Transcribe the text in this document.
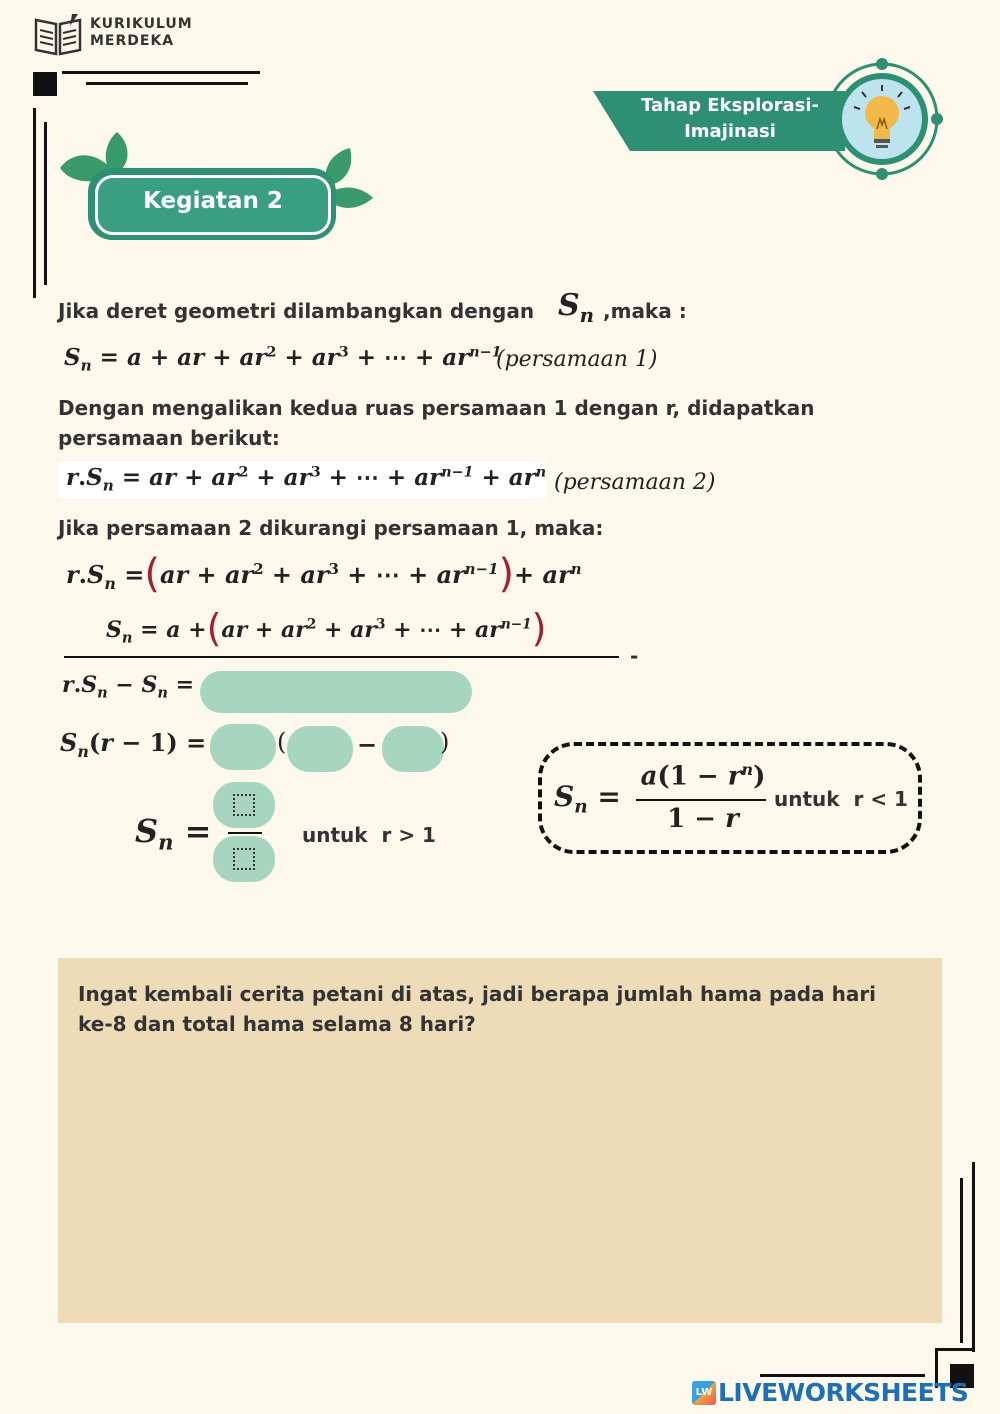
KURIKULUM
MERDEKA
Tahap Eksplorasi-
Imajinasi
Kegiatan 2
Jika deret geometri dilambangkan dengan $S_n$ ,maka :
$S_n = a$ + ar + $ar^2 + ar^3$ + ⋯ + $ar^{n-1}$
(persamaan 1)
Dengan mengalikan kedua ruas persamaan 1 dengan r, didapatkan persamaan berikut:
$r.S_n$ = ar + $ar^2 + ar^3$ + ⋯ + $ar^{n-1} + ar^n$ (persamaan 2)
Jika persamaan 2 dikurangi persamaan 1, maka:
$r.S_n =(ar + ar^2 + ar^3$ + ⋯ + $ar^{n-1})+ ar^n$
$S_n = a +(ar + ar^2 + ar^3$ + ⋯ + $ar^{n-1}$)
-
$r.S_n - S_n$ =
$S_n(r - 1)$ =	(	−	)
$S_n$ =	untuk  r > 1
$S_n$ =
$a(1 - r^n)$
1 − r
untuk  r < 1
Ingat kembali cerita petani di atas, jadi berapa jumlah hama pada hari ke-8 dan total hama selama 8 hari?
LW LIVEWORKSHEETS
